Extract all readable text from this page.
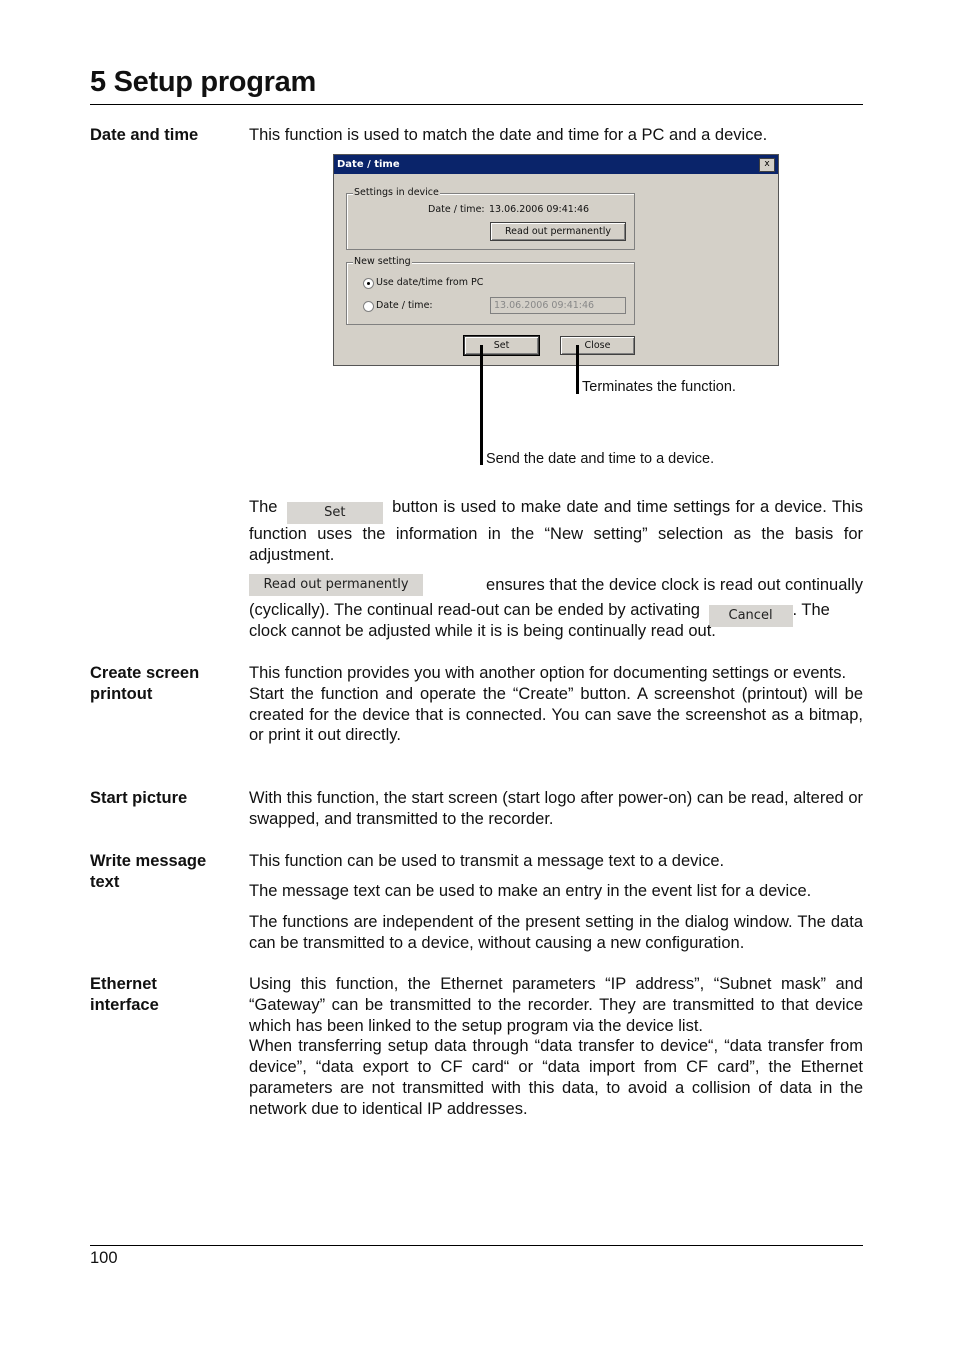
5 Setup program
Date and time	This function is used to match the date and time for a PC and a device.
Date / time	x
Settings in device
Date / time: 13.06.2006 09:41:46
Read out permanently
New setting
Use date/time from PC
Date / time:	13.06.2006 09:41:46
Set	Close
Terminates the function.
Send the date and time to a device.
The	Set	button is used to make date and time settings for a device. This function uses the information in the “New setting” selection as the basis for adjustment.
Read out permanently	ensures that the device clock is read out continually
(cyclically). The continual read-out can be ended by activating Cancel . The
clock cannot be adjusted while it is is being continually read out.
Create screen
printout

This function provides you with another option for documenting settings or events.

Start the function and operate the “Create” button. A screenshot (printout) will be created for the device that is connected. You can save the screenshot as a bitmap, or print it out directly.

Start picture	With this function, the start screen (start logo after power-on) can be read, altered or swapped, and transmitted to the recorder.
Write message
text
This function can be used to transmit a message text to a device.
The message text can be used to make an entry in the event list for a device.
The functions are independent of the present setting in the dialog window. The data can be transmitted to a device, without causing a new configuration.
Ethernet
interface

Using this function, the Ethernet parameters “IP address”, “Subnet mask” and “Gateway” can be transmitted to the recorder. They are transmitted to that device which has been linked to the setup program via the device list.

When transferring setup data through “data transfer to device“, “data transfer from device”, “data export to CF card“ or “data import from CF card”, the Ethernet parameters are not transmitted with this data, to avoid a collision of data in the network due to identical IP addresses.

100
